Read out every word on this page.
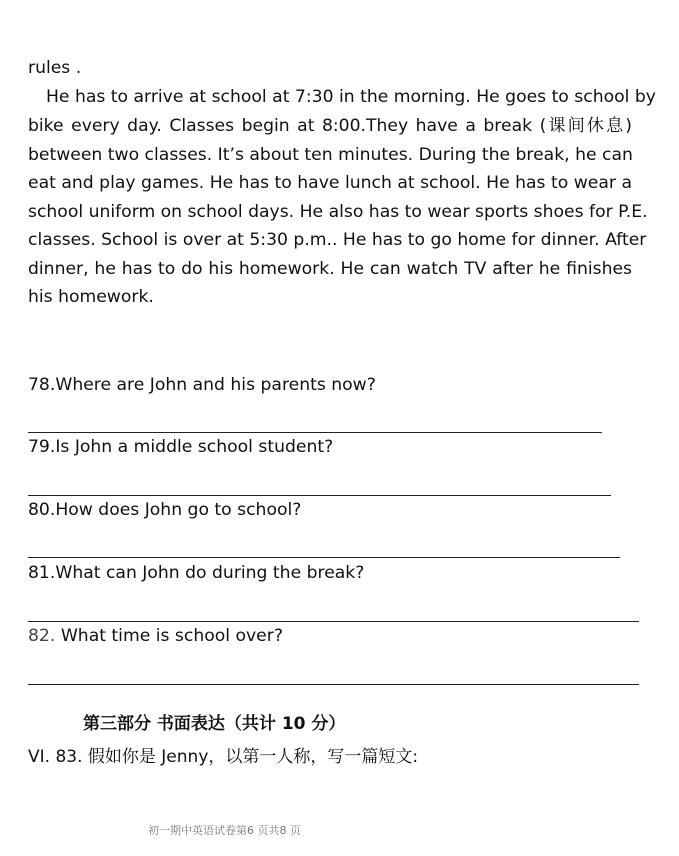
rules .
He has to arrive at school at 7:30 in the morning. He goes to school by
bike every day. Classes begin at 8:00.They have a break (课间休息)
between two classes. It’s about ten minutes. During the break, he can
eat and play games. He has to have lunch at school. He has to wear a
school uniform on school days. He also has to wear sports shoes for P.E.
classes. School is over at 5:30 p.m.. He has to go home for dinner. After
dinner, he has to do his homework. He can watch TV after he finishes
his homework.
78.Where are John and his parents now?
79.Is John a middle school student?
80.How does John go to school?
81.What can John do during the break?
82. What time is school over?
第三部分 书面表达（共计 10 分）
VI. 83. 假如你是 Jenny，以第一人称，写一篇短文:
初一期中英语试卷第6 页共8 页
